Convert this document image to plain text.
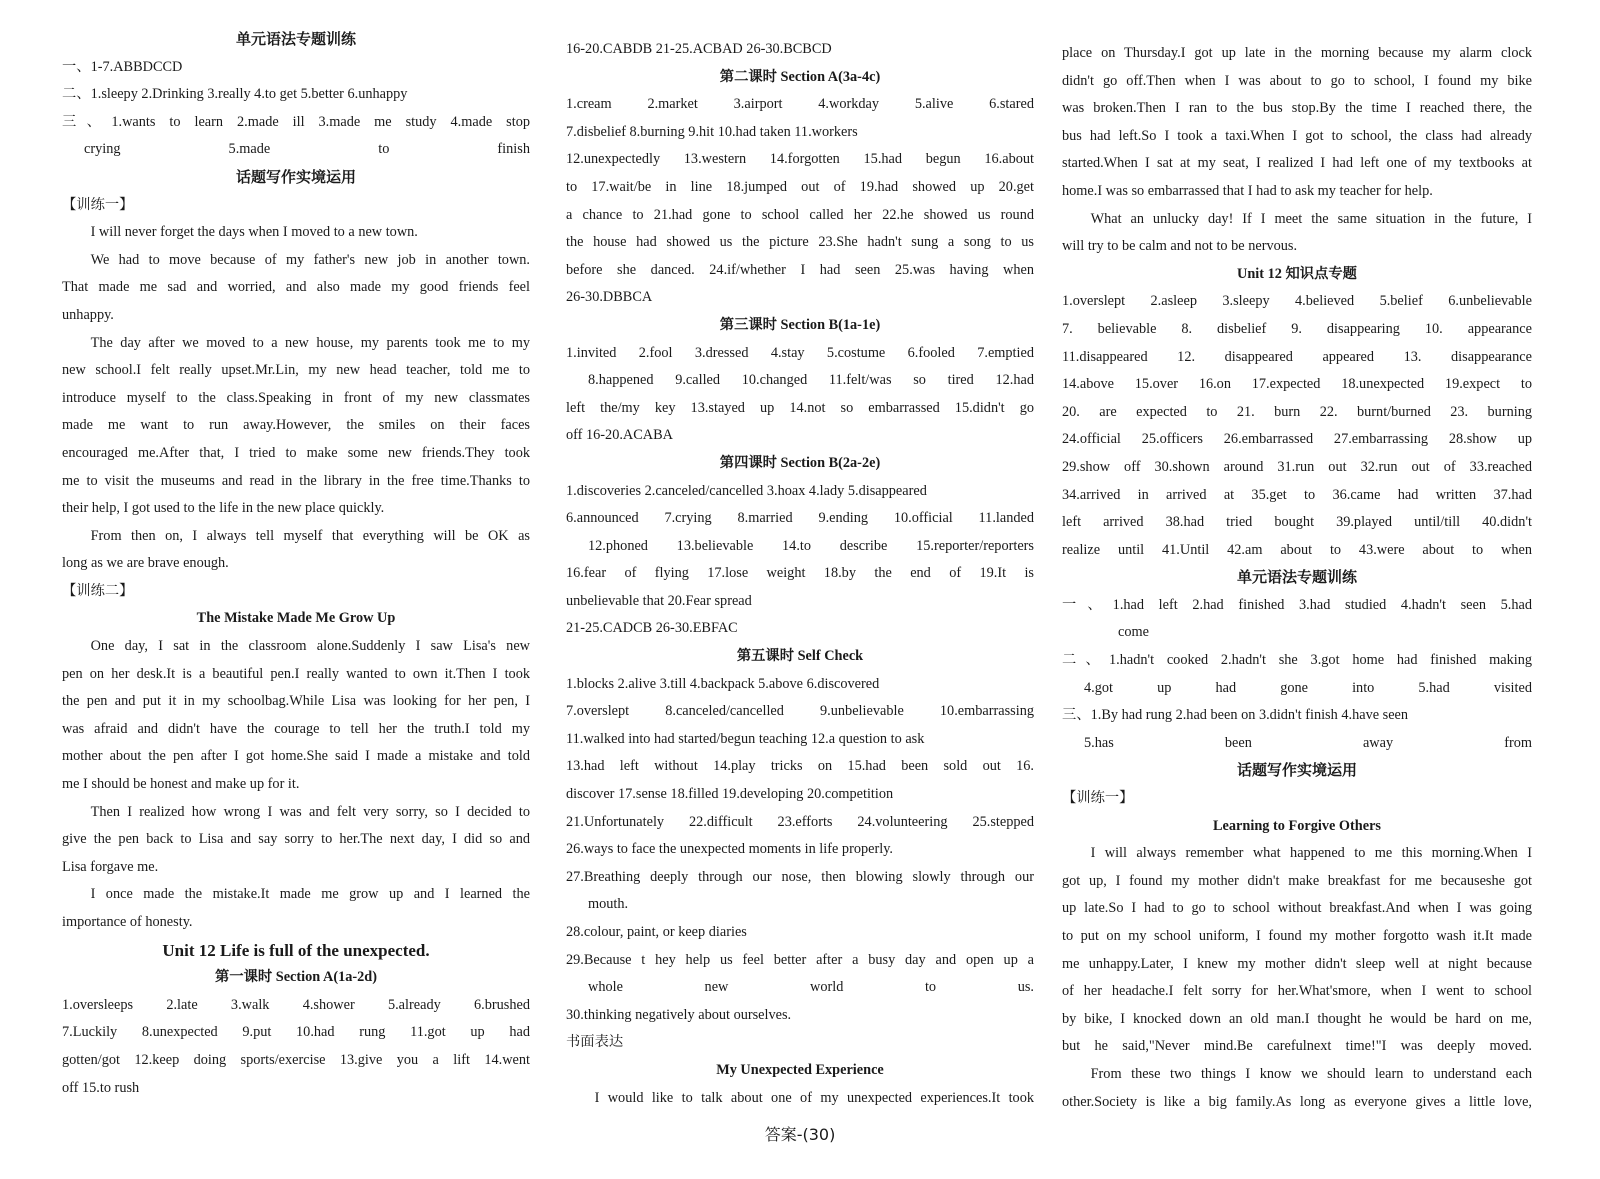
单元语法专题训练
一、1-7.ABBDCCD
二、1.sleepy 2.Drinking 3.really 4.to get 5.better 6.unhappy
三、1.wants to learn 2.made ill 3.made me study 4.made stop
crying 5.made to finish
话题写作实境运用
【训练一】
I will never forget the days when I moved to a new town.
We had to move because of my father's new job in another town.
That made me sad and worried, and also made my good friends feel
unhappy.
The day after we moved to a new house, my parents took me to my
new school.I felt really upset.Mr.Lin, my new head teacher, told me to
introduce myself to the class.Speaking in front of my new classmates
made me want to run away.However, the smiles on their faces
encouraged me.After that, I tried to make some new friends.They took
me to visit the museums and read in the library in the free time.Thanks to
their help, I got used to the life in the new place quickly.
From then on, I always tell myself that everything will be OK as
long as we are brave enough.
【训练二】
The Mistake Made Me Grow Up
One day, I sat in the classroom alone.Suddenly I saw Lisa's new
pen on her desk.It is a beautiful pen.I really wanted to own it.Then I took
the pen and put it in my schoolbag.While Lisa was looking for her pen, I
was afraid and didn't have the courage to tell her the truth.I told my
mother about the pen after I got home.She said I made a mistake and told
me I should be honest and make up for it.
Then I realized how wrong I was and felt very sorry, so I decided to
give the pen back to Lisa and say sorry to her.The next day, I did so and
Lisa forgave me.
I once made the mistake.It made me grow up and I learned the
importance of honesty.
Unit 12 Life is full of the unexpected.
第一课时 Section A(1a-2d)
1.oversleeps 2.late 3.walk 4.shower 5.already 6.brushed
7.Luckily 8.unexpected 9.put 10.had rung 11.got up had
gotten/got 12.keep doing sports/exercise 13.give you a lift 14.went
off 15.to rush
16-20.CABDB 21-25.ACBAD 26-30.BCBCD
第二课时 Section A(3a-4c)
1.cream 2.market 3.airport 4.workday 5.alive 6.stared
7.disbelief 8.burning 9.hit 10.had taken 11.workers
12.unexpectedly 13.western 14.forgotten 15.had begun 16.about
to 17.wait/be in line 18.jumped out of 19.had showed up 20.get
a chance to 21.had gone to school called her 22.he showed us round
the house had showed us the picture 23.She hadn't sung a song to us
before she danced. 24.if/whether I had seen 25.was having when
26-30.DBBCA
第三课时 Section B(1a-1e)
1.invited 2.fool 3.dressed 4.stay 5.costume 6.fooled 7.emptied
8.happened 9.called 10.changed 11.felt/was so tired 12.had
left the/my key 13.stayed up 14.not so embarrassed 15.didn't go
off 16-20.ACABA
第四课时 Section B(2a-2e)
1.discoveries 2.canceled/cancelled 3.hoax 4.lady 5.disappeared
6.announced 7.crying 8.married 9.ending 10.official 11.landed
12.phoned 13.believable 14.to describe 15.reporter/reporters
16.fear of flying 17.lose weight 18.by the end of 19.It is
unbelievable that 20.Fear spread
21-25.CADCB 26-30.EBFAC
第五课时 Self Check
1.blocks 2.alive 3.till 4.backpack 5.above 6.discovered
7.overslept 8.canceled/cancelled 9.unbelievable 10.embarrassing
11.walked into had started/begun teaching 12.a question to ask
13.had left without 14.play tricks on 15.had been sold out 16.
discover 17.sense 18.filled 19.developing 20.competition
21.Unfortunately 22.difficult 23.efforts 24.volunteering 25.stepped
26.ways to face the unexpected moments in life properly.
27.Breathing deeply through our nose, then blowing slowly through our
mouth.
28.colour, paint, or keep diaries
29.Because t hey help us feel better after a busy day and open up a
whole new world to us.
30.thinking negatively about ourselves.
书面表达
My Unexpected Experience
I would like to talk about one of my unexpected experiences.It took
place on Thursday.I got up late in the morning because my alarm clock
didn't go off.Then when I was about to go to school, I found my bike
was broken.Then I ran to the bus stop.By the time I reached there, the
bus had left.So I took a taxi.When I got to school, the class had already
started.When I sat at my seat, I realized I had left one of my textbooks at
home.I was so embarrassed that I had to ask my teacher for help.
What an unlucky day! If I meet the same situation in the future, I
will try to be calm and not to be nervous.
Unit 12 知识点专题
1.overslept 2.asleep 3.sleepy 4.believed 5.belief 6.unbelievable
7. believable 8. disbelief 9. disappearing 10. appearance
11.disappeared 12. disappeared appeared 13. disappearance
14.above 15.over 16.on 17.expected 18.unexpected 19.expect to
20. are expected to 21. burn 22. burnt/burned 23. burning
24.official 25.officers 26.embarrassed 27.embarrassing 28.show up
29.show off 30.shown around 31.run out 32.run out of 33.reached
34.arrived in arrived at 35.get to 36.came had written 37.had
left arrived 38.had tried bought 39.played until/till 40.didn't
realize until 41.Until 42.am about to 43.were about to when
单元语法专题训练
一、1.had left 2.had finished 3.had studied 4.hadn't seen 5.had
come
二、1.hadn't cooked 2.hadn't she 3.got home had finished making
4.got up had gone into 5.had visited
三、1.By had rung 2.had been on 3.didn't finish 4.have seen
5.has been away from
话题写作实境运用
【训练一】
Learning to Forgive Others
I will always remember what happened to me this morning.When I
got up, I found my mother didn't make breakfast for me becauseshe got
up late.So I had to go to school without breakfast.And when I was going
to put on my school uniform, I found my mother forgotto wash it.It made
me unhappy.Later, I knew my mother didn't sleep well at night because
of her headache.I felt sorry for her.What'smore, when I went to school
by bike, I knocked down an old man.I thought he would be hard on me,
but he said,"Never mind.Be carefulnext time!"I was deeply moved.
From these two things I know we should learn to understand each
other.Society is like a big family.As long as everyone gives a little love,
答案-(30)
